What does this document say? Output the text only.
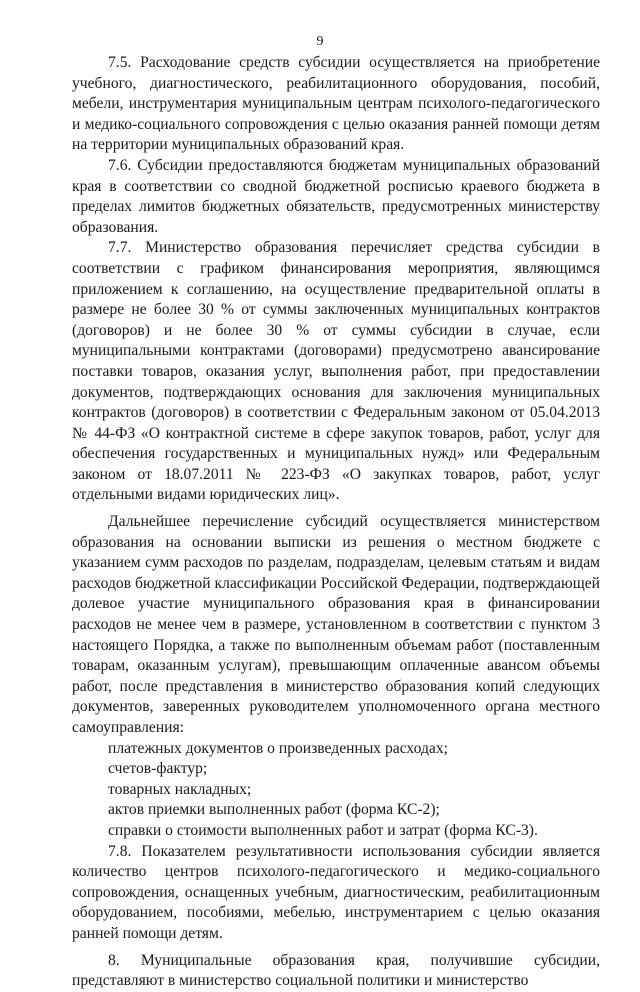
9

7.5. Расходование средств субсидии осуществляется на приобретение учебного, диагностического, реабилитационного оборудования, пособий, мебели, инструментария муниципальным центрам психолого-педагогического и медико-социального сопровождения с целью оказания ранней помощи детям на территории муниципальных образований края.

7.6. Субсидии предоставляются бюджетам муниципальных образований края в соответствии со сводной бюджетной росписью краевого бюджета в пределах лимитов бюджетных обязательств, предусмотренных министерству образования.

7.7. Министерство образования перечисляет средства субсидии в соответствии с графиком финансирования мероприятия, являющимся приложением к соглашению, на осуществление предварительной оплаты в размере не более 30 % от суммы заключенных муниципальных контрактов (договоров) и не более 30 % от суммы субсидии в случае, если муниципальными контрактами (договорами) предусмотрено авансирование поставки товаров, оказания услуг, выполнения работ, при предоставлении документов, подтверждающих основания для заключения муниципальных контрактов (договоров) в соответствии с Федеральным законом от 05.04.2013 № 44-ФЗ «О контрактной системе в сфере закупок товаров, работ, услуг для обеспечения государственных и муниципальных нужд» или Федеральным законом от 18.07.2011 № 223-ФЗ «О закупках товаров, работ, услуг отдельными видами юридических лиц».

Дальнейшее перечисление субсидий осуществляется министерством образования на основании выписки из решения о местном бюджете с указанием сумм расходов по разделам, подразделам, целевым статьям и видам расходов бюджетной классификации Российской Федерации, подтверждающей долевое участие муниципального образования края в финансировании расходов не менее чем в размере, установленном в соответствии с пунктом 3 настоящего Порядка, а также по выполненным объемам работ (поставленным товарам, оказанным услугам), превышающим оплаченные авансом объемы работ, после представления в министерство образования копий следующих документов, заверенных руководителем уполномоченного органа местного самоуправления:

платежных документов о произведенных расходах;

счетов-фактур;

товарных накладных;

актов приемки выполненных работ (форма КС-2);

справки о стоимости выполненных работ и затрат (форма КС-3).

7.8. Показателем результативности использования субсидии является количество центров психолого-педагогического и медико-социального сопровождения, оснащенных учебным, диагностическим, реабилитационным оборудованием, пособиями, мебелью, инструментарием с целью оказания ранней помощи детям.

8. Муниципальные образования края, получившие субсидии, представляют в министерство социальной политики и министерство
